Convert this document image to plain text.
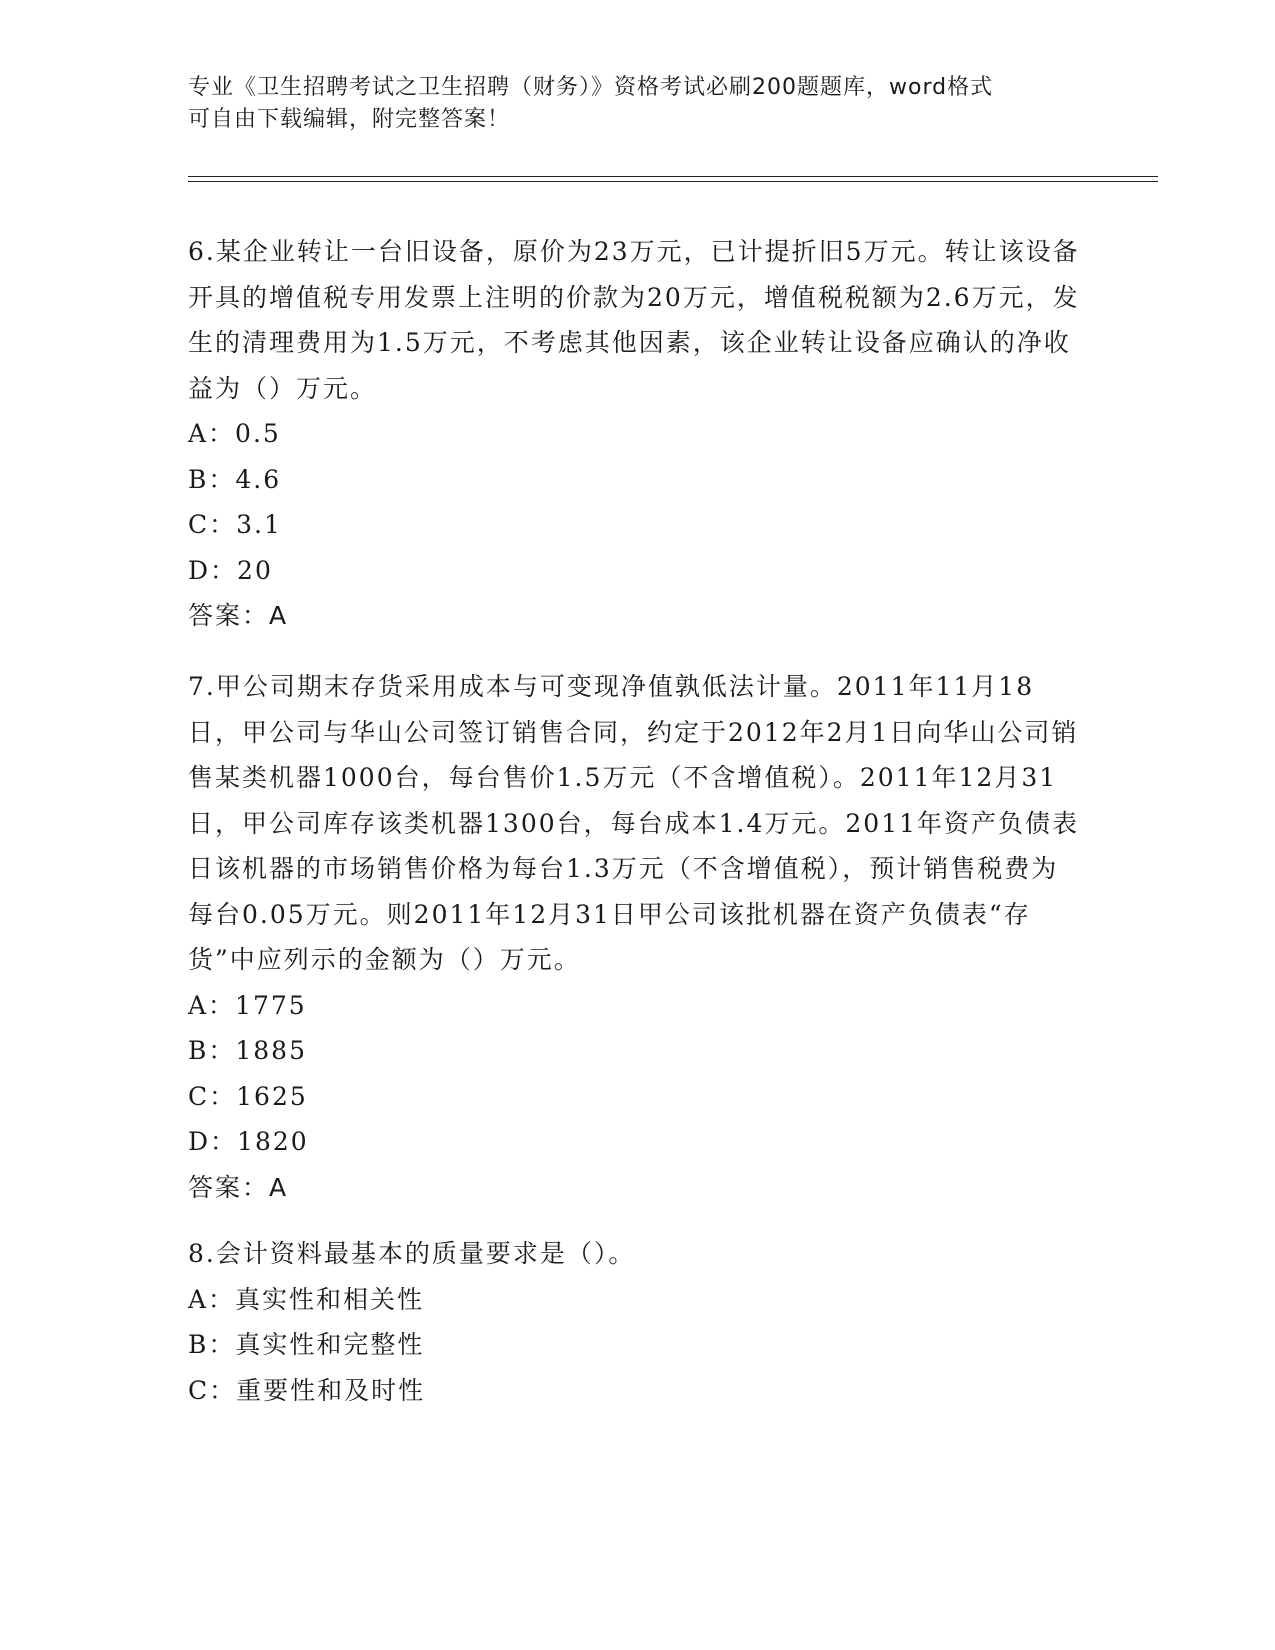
专业《卫生招聘考试之卫生招聘（财务）》资格考试必刷200题题库，word格式
可自由下载编辑，附完整答案！

6.某企业转让一台旧设备，原价为23万元，已计提折旧5万元。转让该设备开具的增值税专用发票上注明的价款为20万元，增值税税额为2.6万元，发生的清理费用为1.5万元，不考虑其他因素，该企业转让设备应确认的净收益为（）万元。

A：0.5

B：4.6

C：3.1

D：20

答案：A

7.甲公司期末存货采用成本与可变现净值孰低法计量。2011年11月18日，甲公司与华山公司签订销售合同，约定于2012年2月1日向华山公司销售某类机器1000台，每台售价1.5万元（不含增值税）。2011年12月31日，甲公司库存该类机器1300台，每台成本1.4万元。2011年资产负债表日该机器的市场销售价格为每台1.3万元（不含增值税），预计销售税费为每台0.05万元。则2011年12月31日甲公司该批机器在资产负债表“存货”中应列示的金额为（）万元。

A：1775

B：1885

C：1625

D：1820

答案：A

8.会计资料最基本的质量要求是（）。

A：真实性和相关性

B：真实性和完整性

C：重要性和及时性
